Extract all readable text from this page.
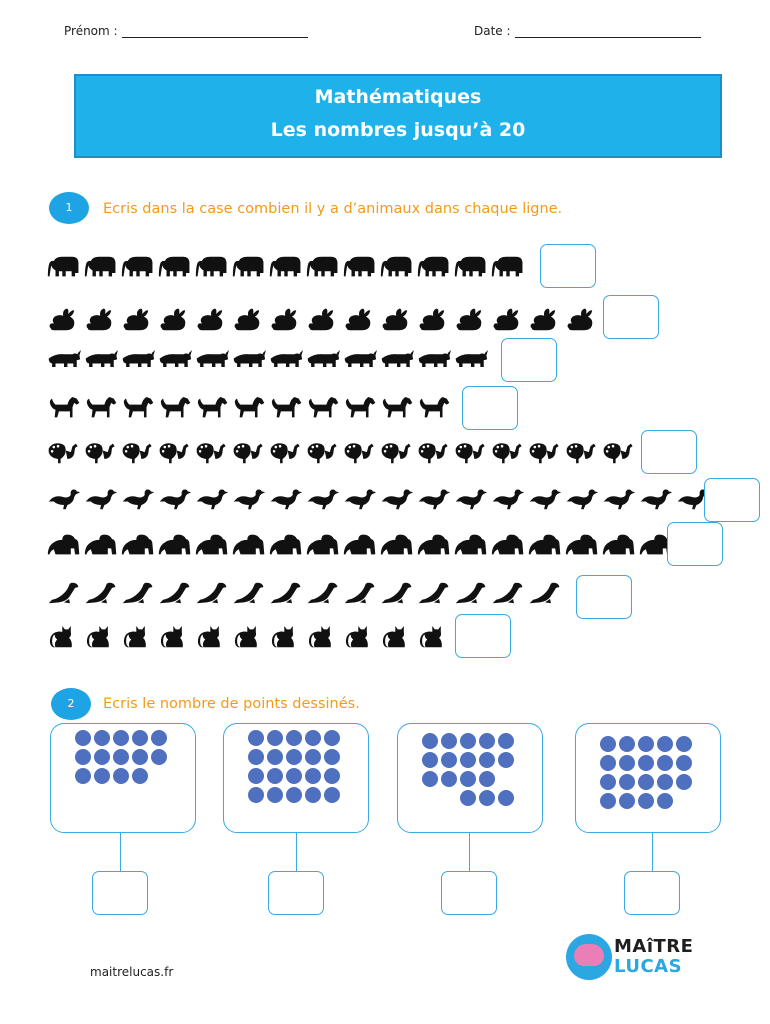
Prénom :	Date :
Mathématiques
Les nombres jusqu’à 20
1	Ecris dans la case combien il y a d’animaux dans chaque ligne.
2	Ecris le nombre de points dessinés.
maitrelucas.fr
MAîTRE
LUCAS
